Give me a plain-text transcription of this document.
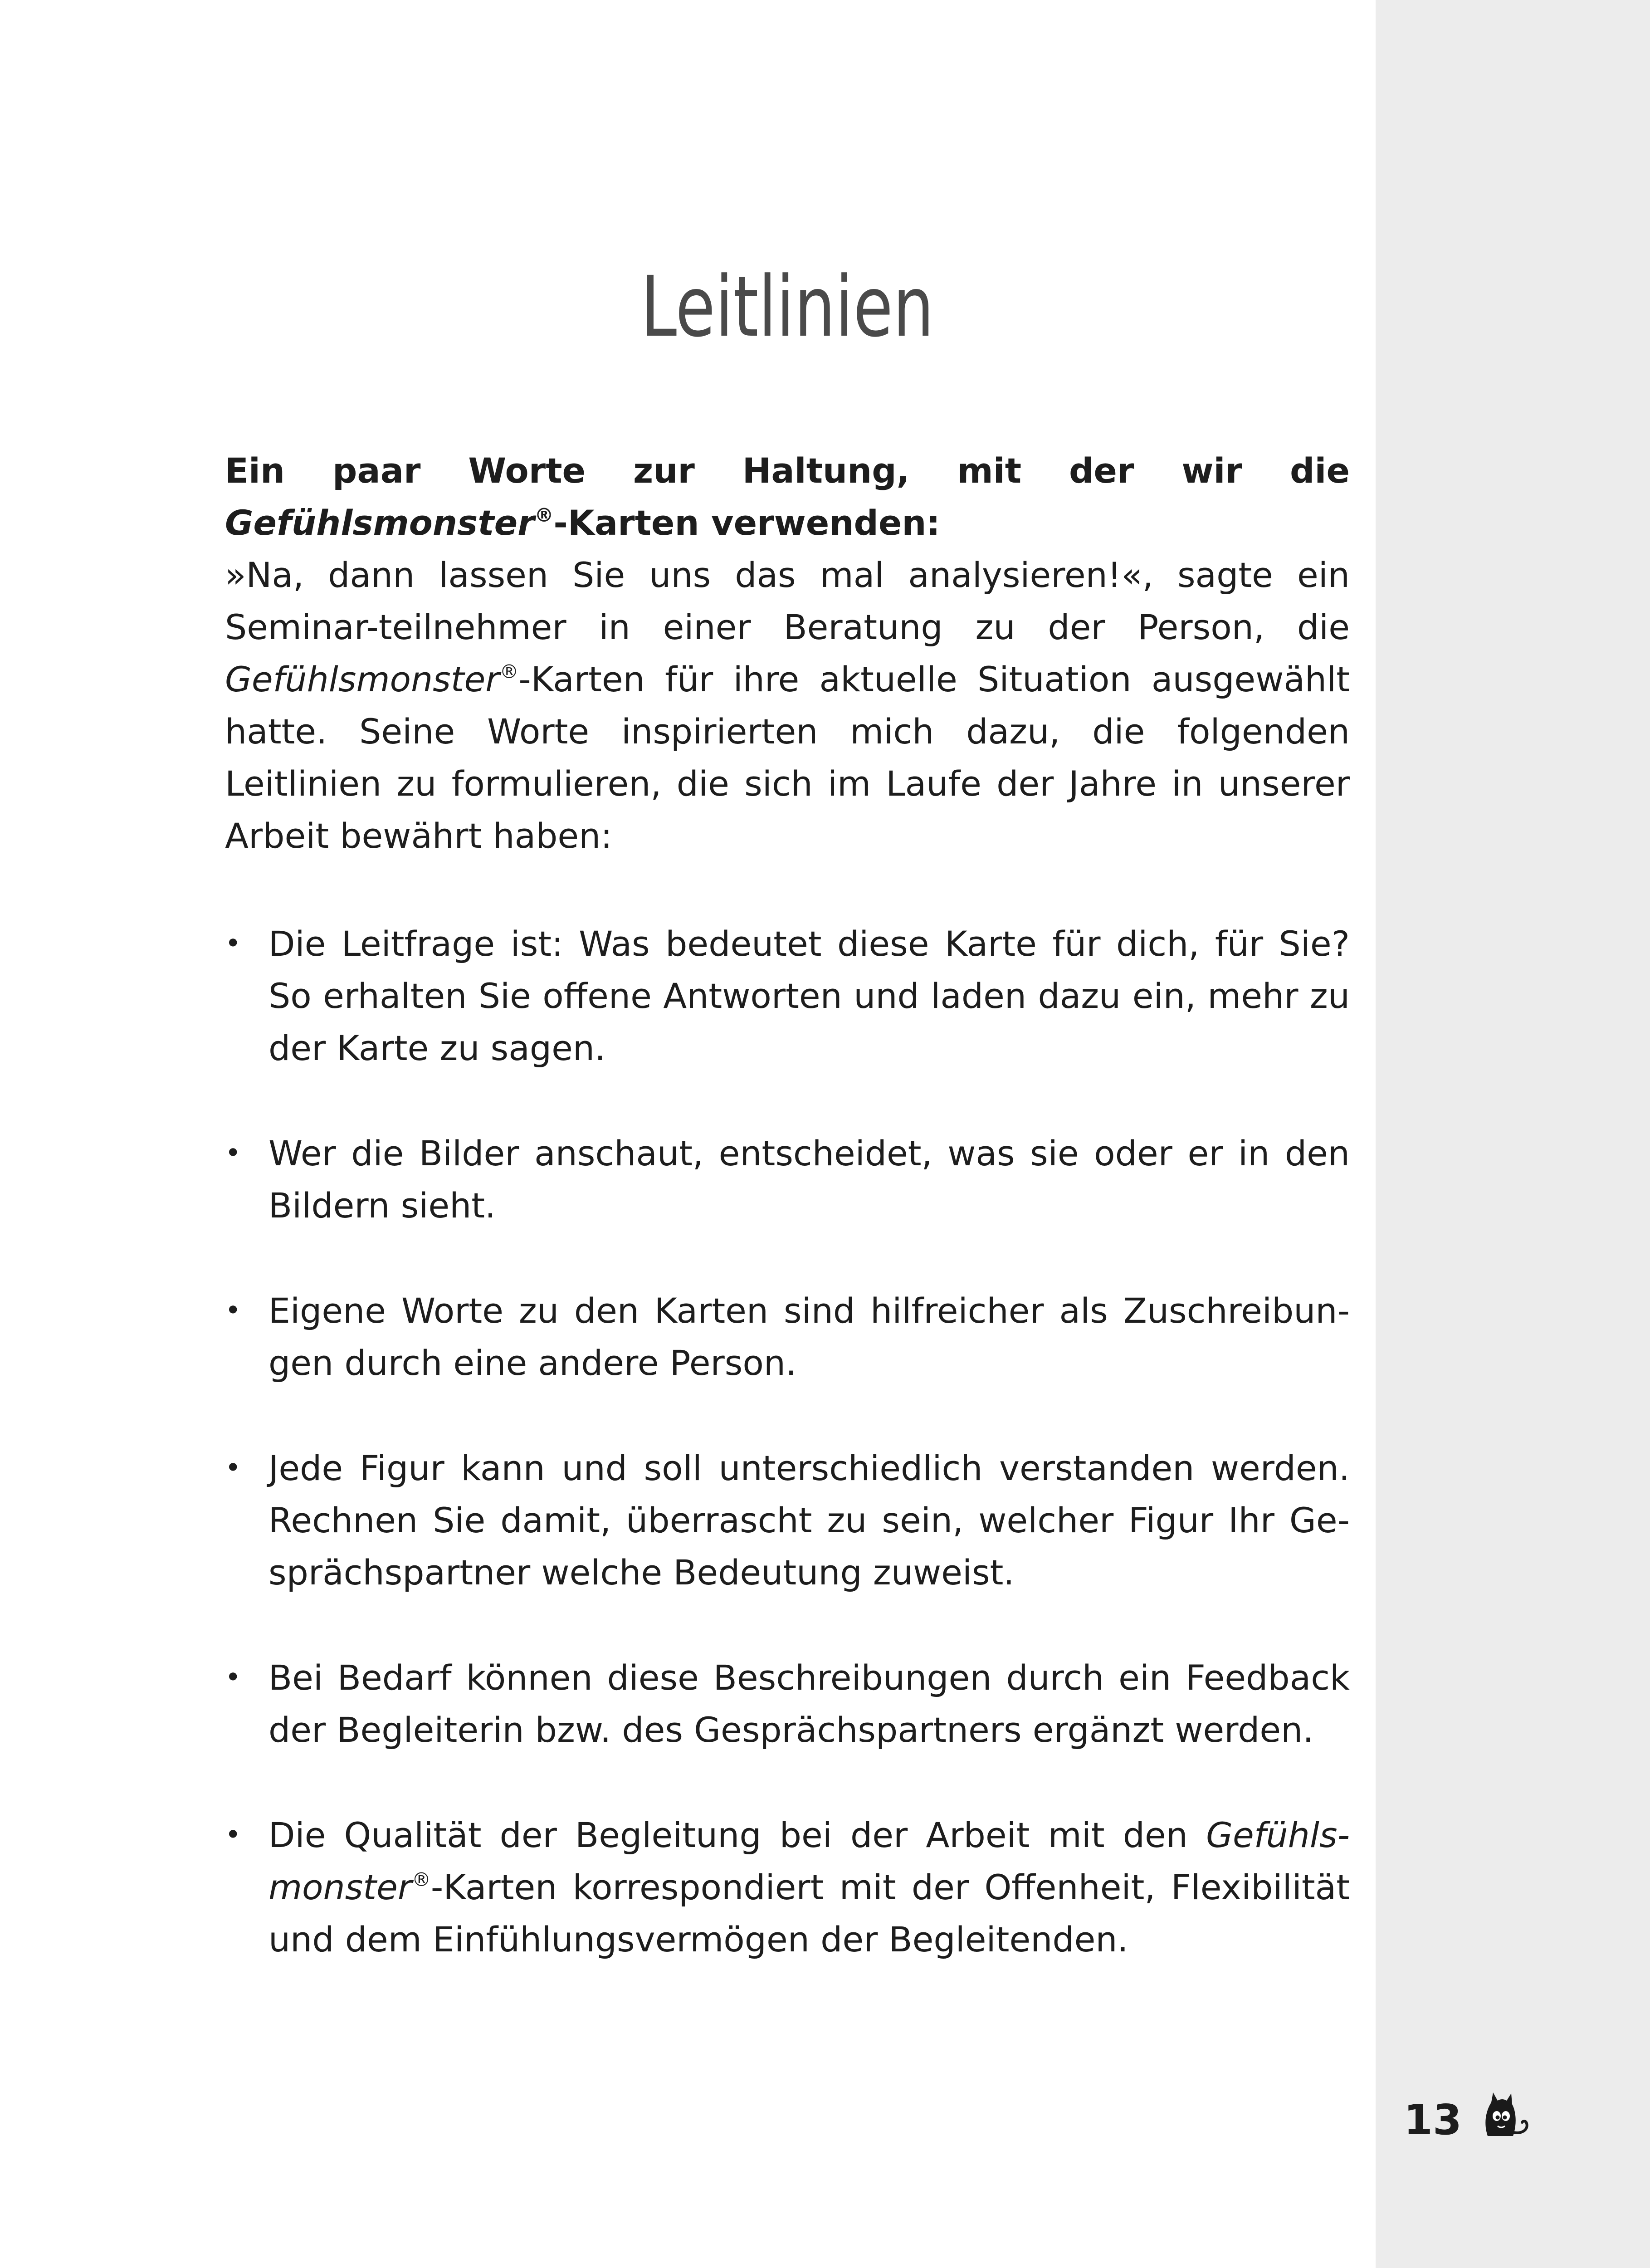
Leitlinien

Ein paar Worte zur Haltung, mit der wir die Gefühlsmonster®-Karten verwenden:

»Na, dann lassen Sie uns das mal analysieren!«, sagte ein Seminar-teilnehmer in einer Beratung zu der Person, die Gefühlsmonster®-Karten für ihre aktuelle Situation ausgewählt hatte. Seine Worte inspirierten mich dazu, die folgenden Leitlinien zu formulieren, die sich im Laufe der Jahre in unserer Arbeit bewährt haben:

• Die Leitfrage ist: Was bedeutet diese Karte für dich, für Sie? So erhalten Sie offene Antworten und laden dazu ein, mehr zu der Karte zu sagen.
• Wer die Bilder anschaut, entscheidet, was sie oder er in den Bildern sieht.
• Eigene Worte zu den Karten sind hilfreicher als Zuschreibun-gen durch eine andere Person.
• Jede Figur kann und soll unterschiedlich verstanden werden. Rechnen Sie damit, überrascht zu sein, welcher Figur Ihr Ge-sprächspartner welche Bedeutung zuweist.
• Bei Bedarf können diese Beschreibungen durch ein Feedback der Begleiterin bzw. des Gesprächspartners ergänzt werden.
• Die Qualität der Begleitung bei der Arbeit mit den Gefühls-monster®-Karten korrespondiert mit der Offenheit, Flexibilität und dem Einfühlungsvermögen der Begleitenden.
13
